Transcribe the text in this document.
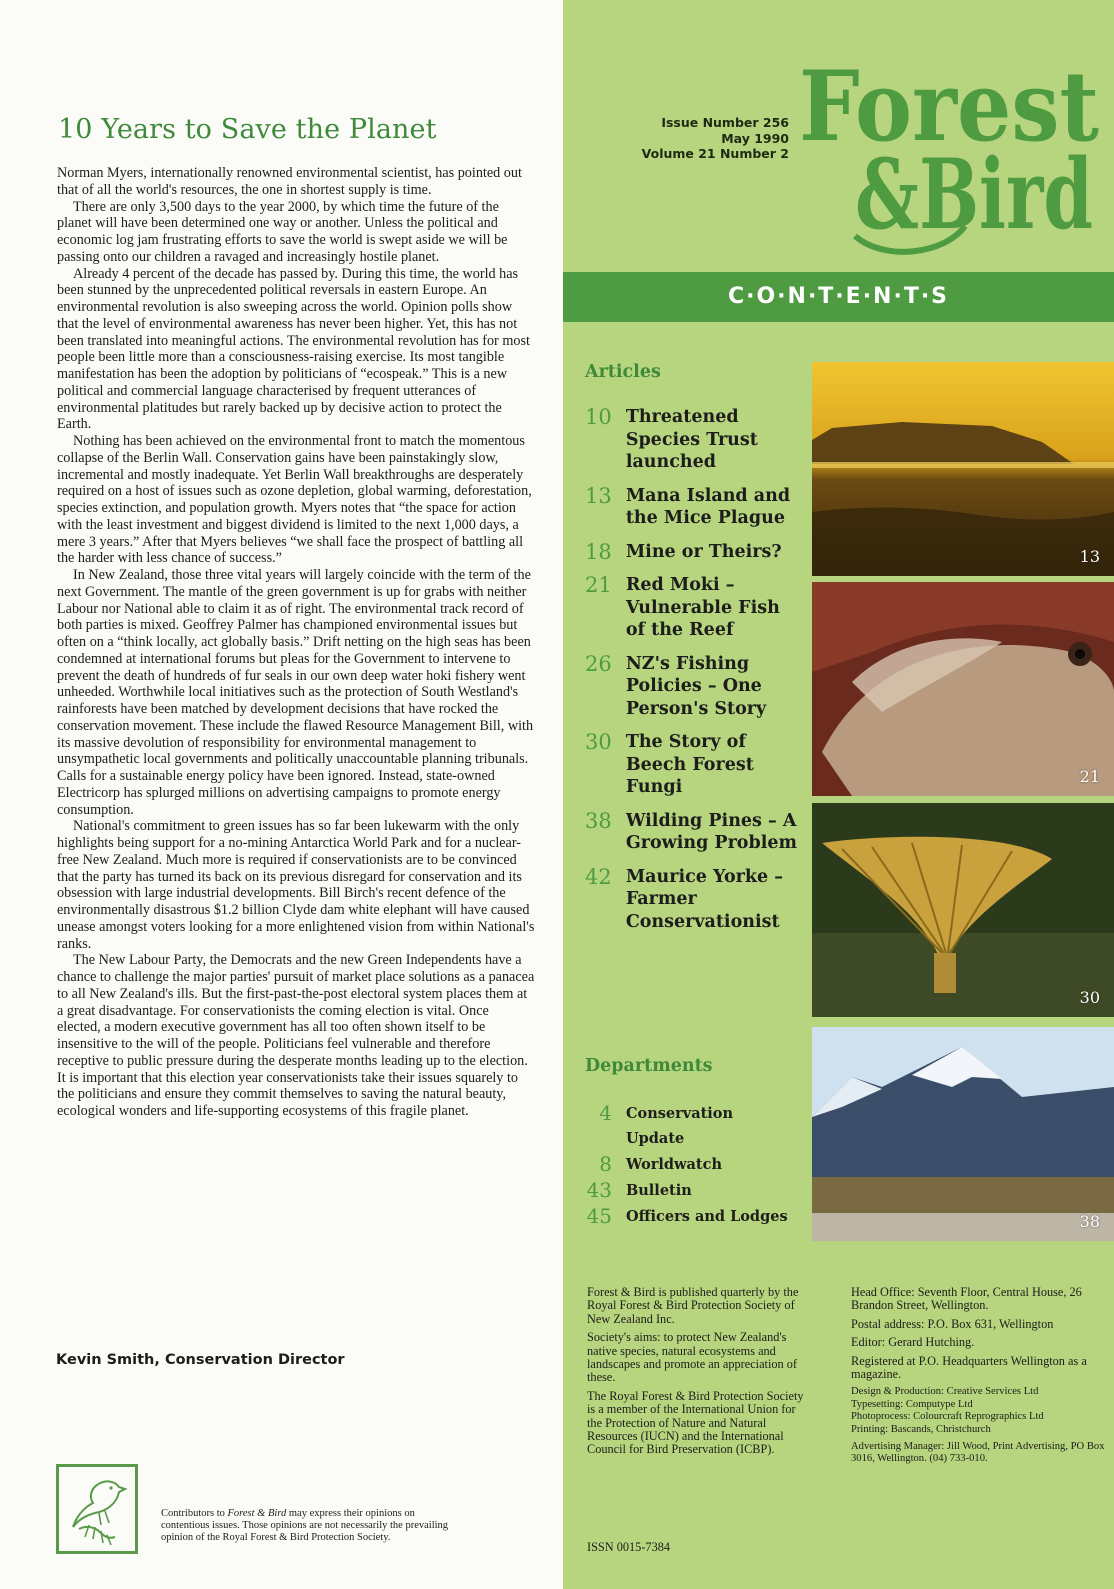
10 Years to Save the Planet

Norman Myers, internationally renowned environmental scientist, has pointed out that of all the world's resources, the one in shortest supply is time.

There are only 3,500 days to the year 2000, by which time the future of the planet will have been determined one way or another. Unless the political and economic log jam frustrating efforts to save the world is swept aside we will be passing onto our children a ravaged and increasingly hostile planet.

Already 4 percent of the decade has passed by. During this time, the world has been stunned by the unprecedented political reversals in eastern Europe. An environmental revolution is also sweeping across the world. Opinion polls show that the level of environmental awareness has never been higher. Yet, this has not been translated into meaningful actions. The environmental revolution has for most people been little more than a consciousness-raising exercise. Its most tangible manifestation has been the adoption by politicians of “ecospeak.” This is a new political and commercial language characterised by frequent utterances of environmental platitudes but rarely backed up by decisive action to protect the Earth.

Nothing has been achieved on the environmental front to match the momentous collapse of the Berlin Wall. Conservation gains have been painstakingly slow, incremental and mostly inadequate. Yet Berlin Wall breakthroughs are desperately required on a host of issues such as ozone depletion, global warming, deforestation, species extinction, and population growth. Myers notes that “the space for action with the least investment and biggest dividend is limited to the next 1,000 days, a mere 3 years.” After that Myers believes “we shall face the prospect of battling all the harder with less chance of success.”

In New Zealand, those three vital years will largely coincide with the term of the next Government. The mantle of the green government is up for grabs with neither Labour nor National able to claim it as of right. The environmental track record of both parties is mixed. Geoffrey Palmer has championed environmental issues but often on a “think locally, act globally basis.” Drift netting on the high seas has been condemned at international forums but pleas for the Government to intervene to prevent the death of hundreds of fur seals in our own deep water hoki fishery went unheeded. Worthwhile local initiatives such as the protection of South Westland's rainforests have been matched by development decisions that have rocked the conservation movement. These include the flawed Resource Management Bill, with its massive devolution of responsibility for environmental management to unsympathetic local governments and politically unaccountable planning tribunals. Calls for a sustainable energy policy have been ignored. Instead, state-owned Electricorp has splurged millions on advertising campaigns to promote energy consumption.

National's commitment to green issues has so far been lukewarm with the only highlights being support for a no-mining Antarctica World Park and for a nuclear-free New Zealand. Much more is required if conservationists are to be convinced that the party has turned its back on its previous disregard for conservation and its obsession with large industrial developments. Bill Birch's recent defence of the environmentally disastrous $1.2 billion Clyde dam white elephant will have caused unease amongst voters looking for a more enlightened vision from within National's ranks.

The New Labour Party, the Democrats and the new Green Independents have a chance to challenge the major parties' pursuit of market place solutions as a panacea to all New Zealand's ills. But the first-past-the-post electoral system places them at a great disadvantage. For conservationists the coming election is vital. Once elected, a modern executive government has all too often shown itself to be insensitive to the will of the people. Politicians feel vulnerable and therefore receptive to public pressure during the desperate months leading up to the election. It is important that this election year conservationists take their issues squarely to the politicians and ensure they commit themselves to saving the natural beauty, ecological wonders and life-supporting ecosystems of this fragile planet.

Kevin Smith, Conservation Director
Contributors to Forest & Bird may express their opinions on contentious issues. Those opinions are not necessarily the prevailing opinion of the Royal Forest & Bird Protection Society.
Issue Number 256
May 1990
Volume 21 Number 2 Forest
&Bird
C·O·N·T·E·N·T·S
Articles
10 Threatened Species Trust launched
13 Mana Island and the Mice Plague
18 Mine or Theirs?
21 Red Moki – Vulnerable Fish of the Reef
26 NZ's Fishing Policies – One Person's Story
30 The Story of Beech Forest Fungi
38 Wilding Pines – A Growing Problem
42 Maurice Yorke – Farmer Conservationist
Departments
4 Conservation Update
8 Worldwatch
43 Bulletin
45 Officers and Lodges
13
21
30
38

Forest & Bird is published quarterly by the Royal Forest & Bird Protection Society of New Zealand Inc.

Society's aims: to protect New Zealand's native species, natural ecosystems and landscapes and promote an appreciation of these.

The Royal Forest & Bird Protection Society is a member of the International Union for the Protection of Nature and Natural Resources (IUCN) and the International Council for Bird Preservation (ICBP).

Head Office: Seventh Floor, Central House, 26 Brandon Street, Wellington.

Postal address: P.O. Box 631, Wellington

Editor: Gerard Hutching.

Registered at P.O. Headquarters Wellington as a magazine.

Design & Production: Creative Services Ltd
Typesetting: Computype Ltd
Photoprocess: Colourcraft Reprographics Ltd
Printing: Bascands, Christchurch

Advertising Manager: Jill Wood, Print Advertising, PO Box 3016, Wellington. (04) 733-010.

ISSN 0015-7384
